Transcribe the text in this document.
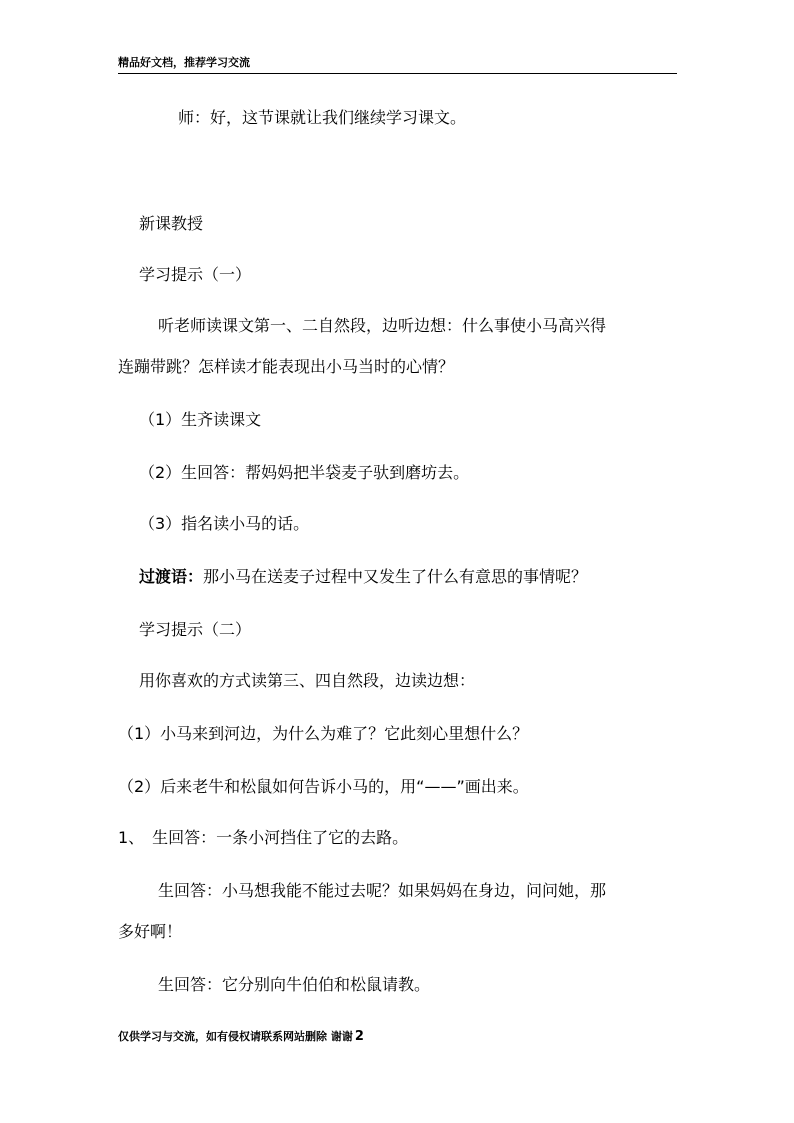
精品好文档，推荐学习交流
师：好，这节课就让我们继续学习课文。
新课教授
学习提示（一）
听老师读课文第一、二自然段，边听边想：什么事使小马高兴得
连蹦带跳？怎样读才能表现出小马当时的心情？
（1）生齐读课文
（2）生回答：帮妈妈把半袋麦子驮到磨坊去。
（3）指名读小马的话。
过渡语：那小马在送麦子过程中又发生了什么有意思的事情呢？
学习提示（二）
用你喜欢的方式读第三、四自然段，边读边想：
（1）小马来到河边，为什么为难了？它此刻心里想什么？
（2）后来老牛和松鼠如何告诉小马的，用“——”画出来。
1、　生回答：一条小河挡住了它的去路。
生回答：小马想我能不能过去呢？如果妈妈在身边，问问她，那
多好啊！
生回答：它分别向牛伯伯和松鼠请教。
仅供学习与交流，如有侵权请联系网站删除 谢谢 2
